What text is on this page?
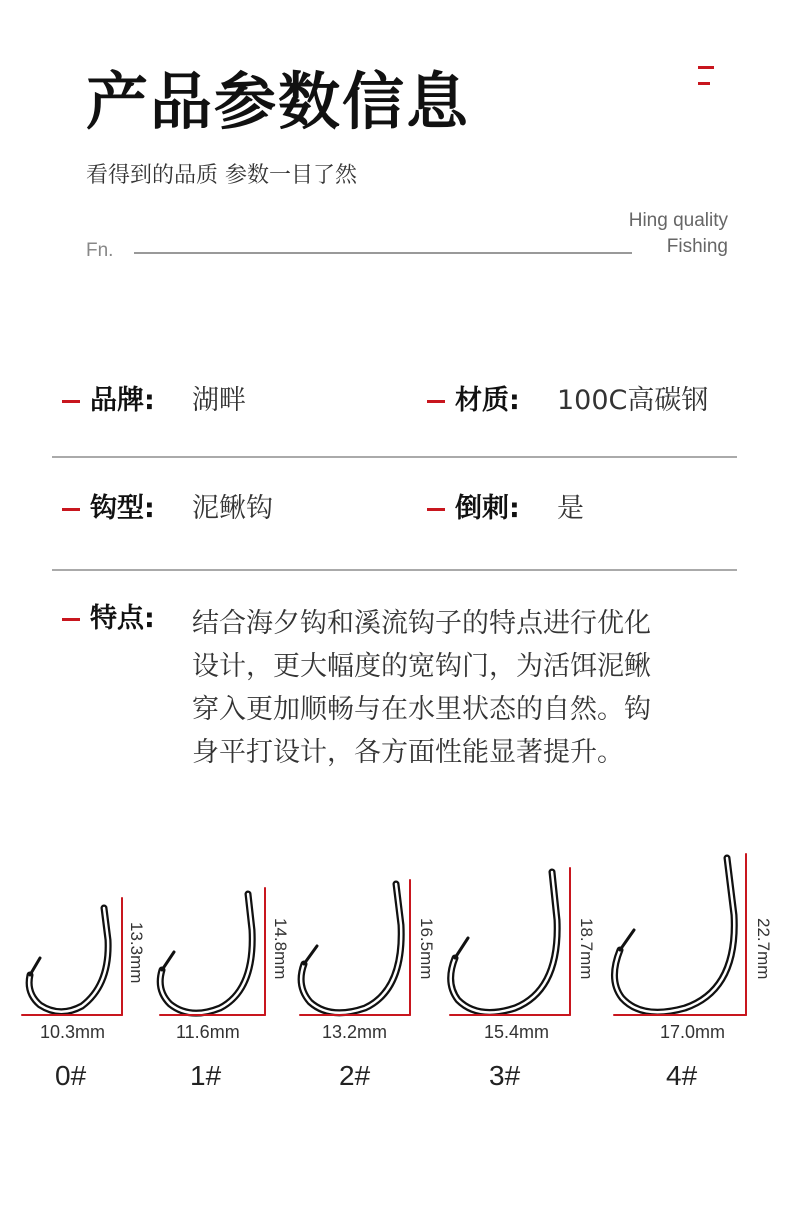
产品参数信息
看得到的品质 参数一目了然
Hing quality
Fishing
Fn.
品牌: 湖畔	材质: 100C高碳钢
钩型: 泥鳅钩	倒刺: 是
特点: 结合海夕钩和溪流钩子的特点进行优化
设计，更大幅度的宽钩门，为活饵泥鳅
穿入更加顺畅与在水里状态的自然。钩
身平打设计，各方面性能显著提升。
13.3mm	14.8mm	16.5mm	18.7mm	22.7mm
10.3mm	11.6mm	13.2mm	15.4mm	17.0mm
0#	1#	2#	3#	4#
